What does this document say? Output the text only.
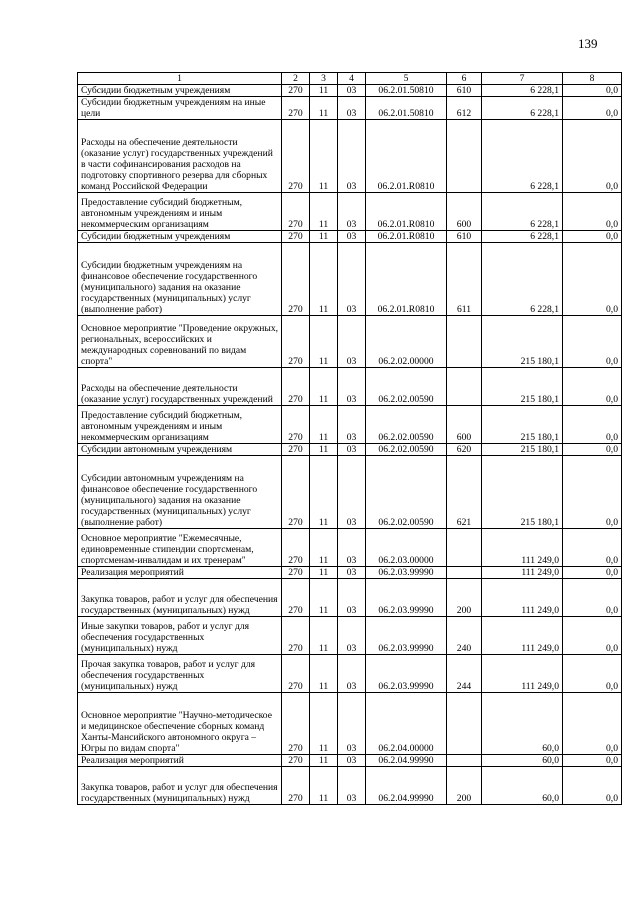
139
1	2	3	4	5	6	7	8
Субсидии бюджетным учреждениям	270	11	03	06.2.01.50810	610	6 228,1	0,0
Субсидии бюджетным учреждениям на иные цели	270	11	03	06.2.01.50810	612	6 228,1	0,0
Расходы на обеспечение деятельности (оказание услуг) государственных учреждений в части софинансирования расходов на подготовку спортивного резерва для сборных команд Российской Федерации	270	11	03	06.2.01.R0810		6 228,1	0,0
Предоставление субсидий бюджетным, автономным учреждениям и иным некоммерческим организациям	270	11	03	06.2.01.R0810	600	6 228,1	0,0
Субсидии бюджетным учреждениям	270	11	03	06.2.01.R0810	610	6 228,1	0,0
Субсидии бюджетным учреждениям на финансовое обеспечение государственного (муниципального) задания на оказание государственных (муниципальных) услуг (выполнение работ)	270	11	03	06.2.01.R0810	611	6 228,1	0,0
Основное мероприятие "Проведение окружных, региональных, всероссийских и международных соревнований по видам спорта"	270	11	03	06.2.02.00000		215 180,1	0,0
Расходы на обеспечение деятельности (оказание услуг) государственных учреждений	270	11	03	06.2.02.00590		215 180,1	0,0
Предоставление субсидий бюджетным, автономным учреждениям и иным некоммерческим организациям	270	11	03	06.2.02.00590	600	215 180,1	0,0
Субсидии автономным учреждениям	270	11	03	06.2.02.00590	620	215 180,1	0,0
Субсидии автономным учреждениям на финансовое обеспечение государственного (муниципального) задания на оказание государственных (муниципальных) услуг (выполнение работ)	270	11	03	06.2.02.00590	621	215 180,1	0,0
Основное мероприятие "Ежемесячные, единовременные стипендии спортсменам, спортсменам-инвалидам и их тренерам"	270	11	03	06.2.03.00000		111 249,0	0,0
Реализация мероприятий	270	11	03	06.2.03.99990		111 249,0	0,0
Закупка товаров, работ и услуг для обеспечения государственных (муниципальных) нужд	270	11	03	06.2.03.99990	200	111 249,0	0,0
Иные закупки товаров, работ и услуг для обеспечения государственных (муниципальных) нужд	270	11	03	06.2.03.99990	240	111 249,0	0,0
Прочая закупка товаров, работ и услуг для обеспечения государственных (муниципальных) нужд	270	11	03	06.2.03.99990	244	111 249,0	0,0
Основное мероприятие "Научно-методическое и медицинское обеспечение сборных команд Ханты-Мансийского автономного округа – Югры по видам спорта"	270	11	03	06.2.04.00000		60,0	0,0
Реализация мероприятий	270	11	03	06.2.04.99990		60,0	0,0
Закупка товаров, работ и услуг для обеспечения государственных (муниципальных) нужд	270	11	03	06.2.04.99990	200	60,0	0,0
